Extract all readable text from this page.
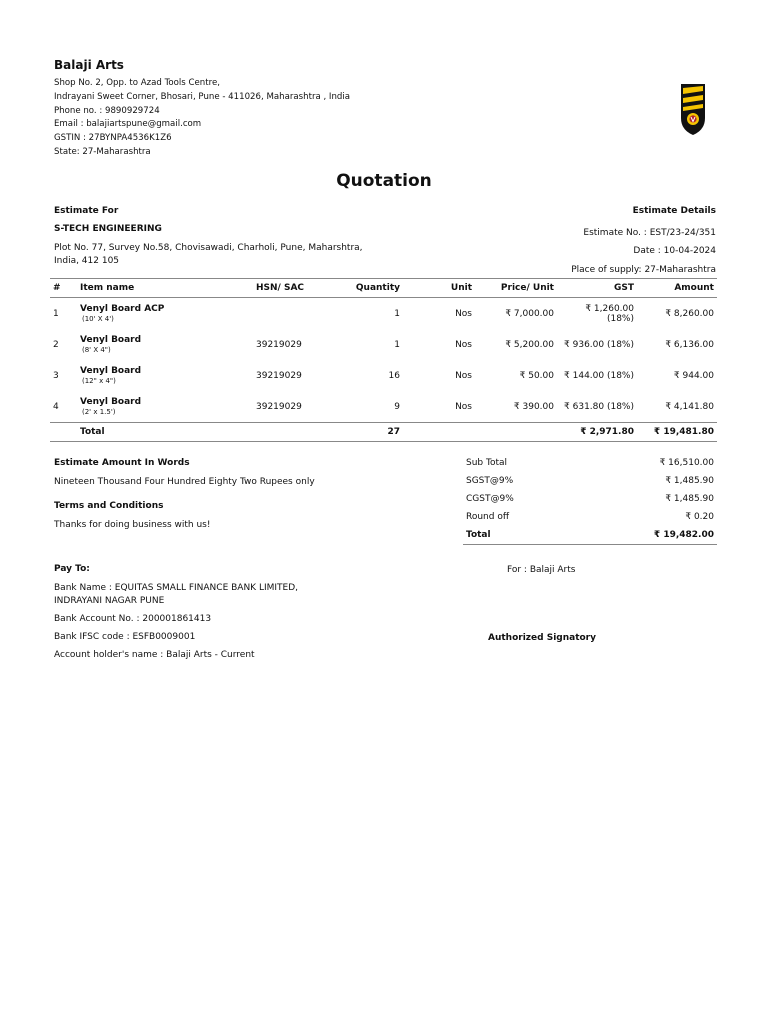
Balaji Arts
Shop No. 2, Opp. to Azad Tools Centre,
Indrayani Sweet Corner, Bhosari, Pune - 411026, Maharashtra , India
Phone no. : 9890929724
Email : balajiartspune@gmail.com
GSTIN : 27BYNPA4536K1Z6
State: 27-Maharashtra
Quotation
Estimate For
S-TECH ENGINEERING
Plot No. 77, Survey No.58, Chovisawadi, Charholi, Pune, Maharshtra, India, 412 105
Estimate Details
Estimate No. : EST/23-24/351
Date : 10-04-2024
Place of supply: 27-Maharashtra
#	Item name	HSN/ SAC	Quantity	Unit	Price/ Unit	GST	Amount
1	Venyl Board ACP
(10' X 4')		1	Nos	₹ 7,000.00	₹ 1,260.00 (18%)	₹ 8,260.00
2	Venyl Board
(8' X 4")	39219029	1	Nos	₹ 5,200.00	₹ 936.00 (18%)	₹ 6,136.00
3	Venyl Board
(12" x 4")	39219029	16	Nos	₹ 50.00	₹ 144.00 (18%)	₹ 944.00
4	Venyl Board
(2' x 1.5')	39219029	9	Nos	₹ 390.00	₹ 631.80 (18%)	₹ 4,141.80
	Total		27			₹ 2,971.80	₹ 19,481.80
Estimate Amount In Words
Nineteen Thousand Four Hundred Eighty Two Rupees only
Terms and Conditions
Thanks for doing business with us!
Sub Total	₹ 16,510.00
SGST@9%	₹ 1,485.90
CGST@9%	₹ 1,485.90
Round off	₹ 0.20
Total	₹ 19,482.00
Pay To:
Bank Name : EQUITAS SMALL FINANCE BANK LIMITED, INDRAYANI NAGAR PUNE
Bank Account No. : 200001861413
Bank IFSC code : ESFB0009001
Account holder's name : Balaji Arts - Current
For : Balaji Arts
Authorized Signatory
